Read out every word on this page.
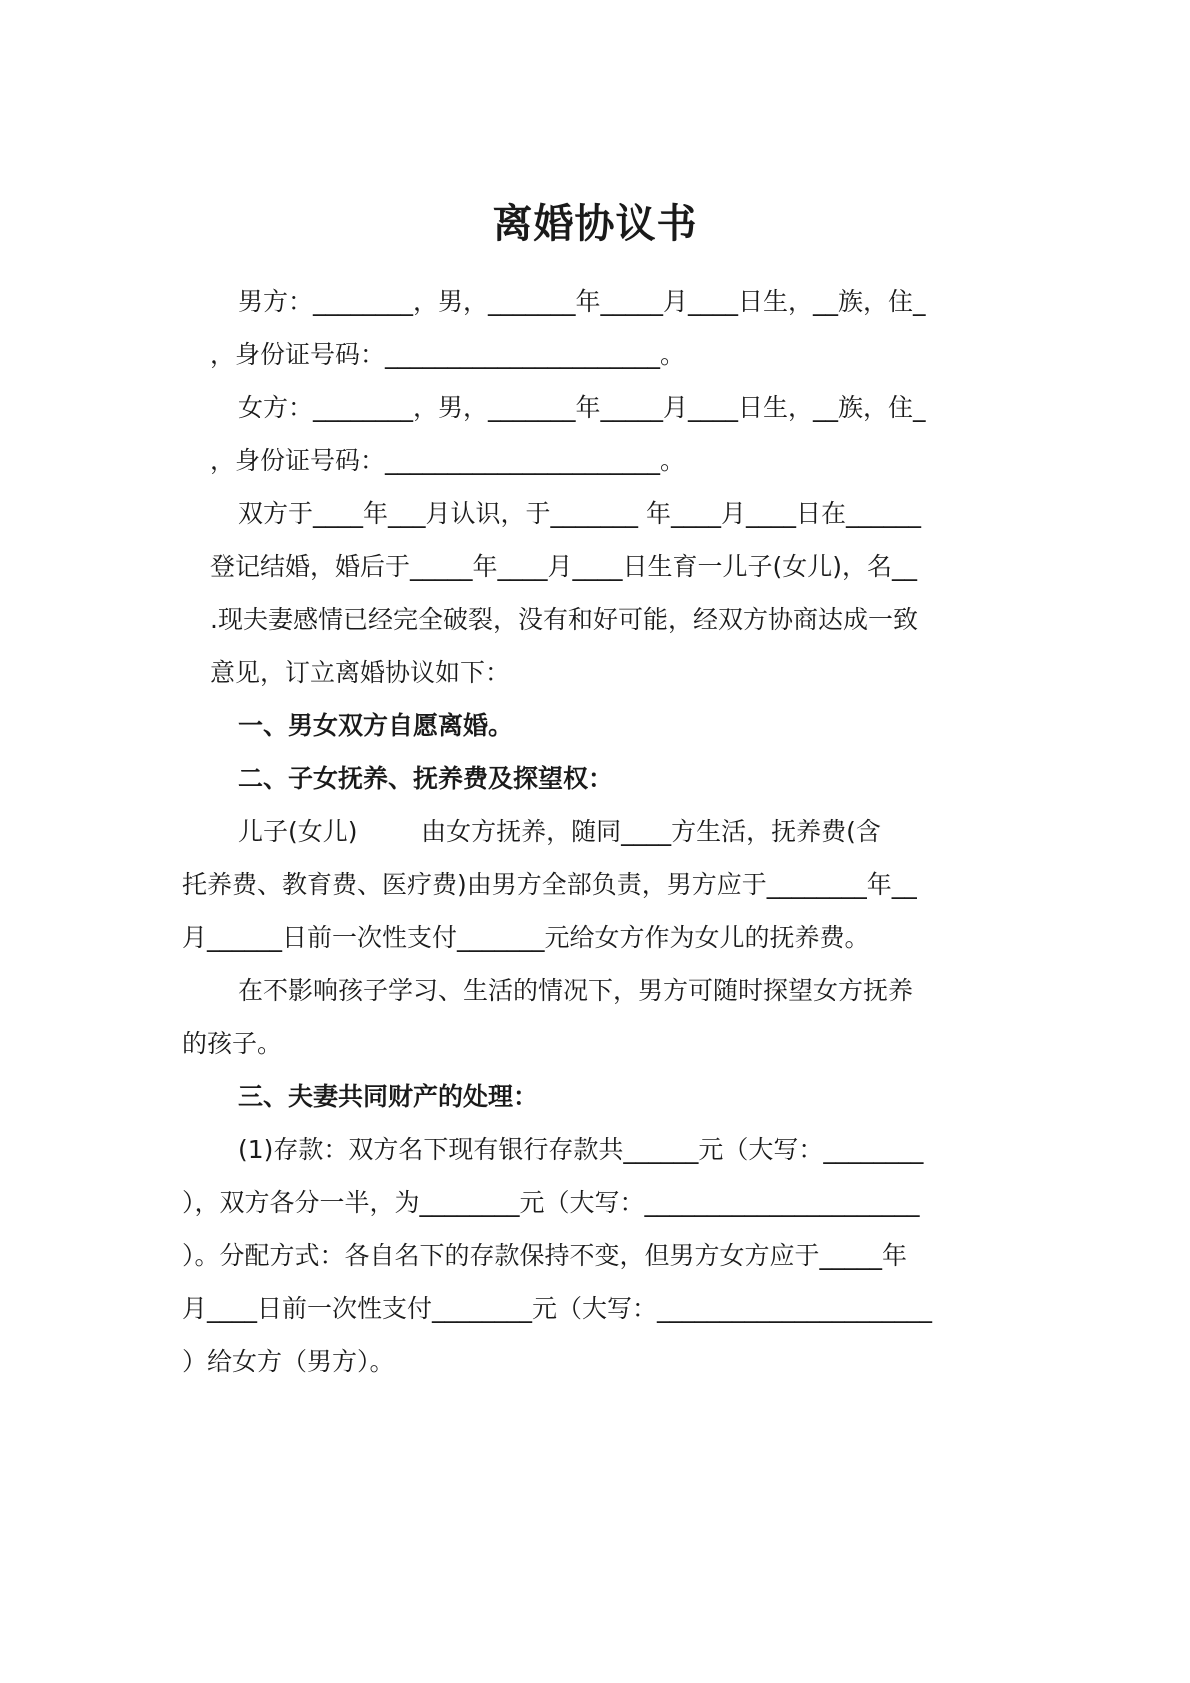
离婚协议书
男方：________，男，_______年_____月____日生，__族，住_
，身份证号码：______________________。
女方：________，男，_______年_____月____日生，__族，住_
，身份证号码：______________________。
双方于____年___月认识，于_______ 年____月____日在______
登记结婚，婚后于_____年____月____日生育一儿子(女儿)，名__
.现夫妻感情已经完全破裂，没有和好可能，经双方协商达成一致
意见，订立离婚协议如下：
一、男女双方自愿离婚。
二、子女抚养、抚养费及探望权：
儿子(女儿)        由女方抚养，随同____方生活，抚养费(含
托养费、教育费、医疗费)由男方全部负责，男方应于________年__
月______日前一次性支付_______元给女方作为女儿的抚养费。
在不影响孩子学习、生活的情况下，男方可随时探望女方抚养
的孩子。
三、夫妻共同财产的处理：
(1)存款：双方名下现有银行存款共______元（大写：________
），双方各分一半，为________元（大写：______________________
）。分配方式：各自名下的存款保持不变，但男方女方应于_____年
月____日前一次性支付________元（大写：______________________
）给女方（男方）。
